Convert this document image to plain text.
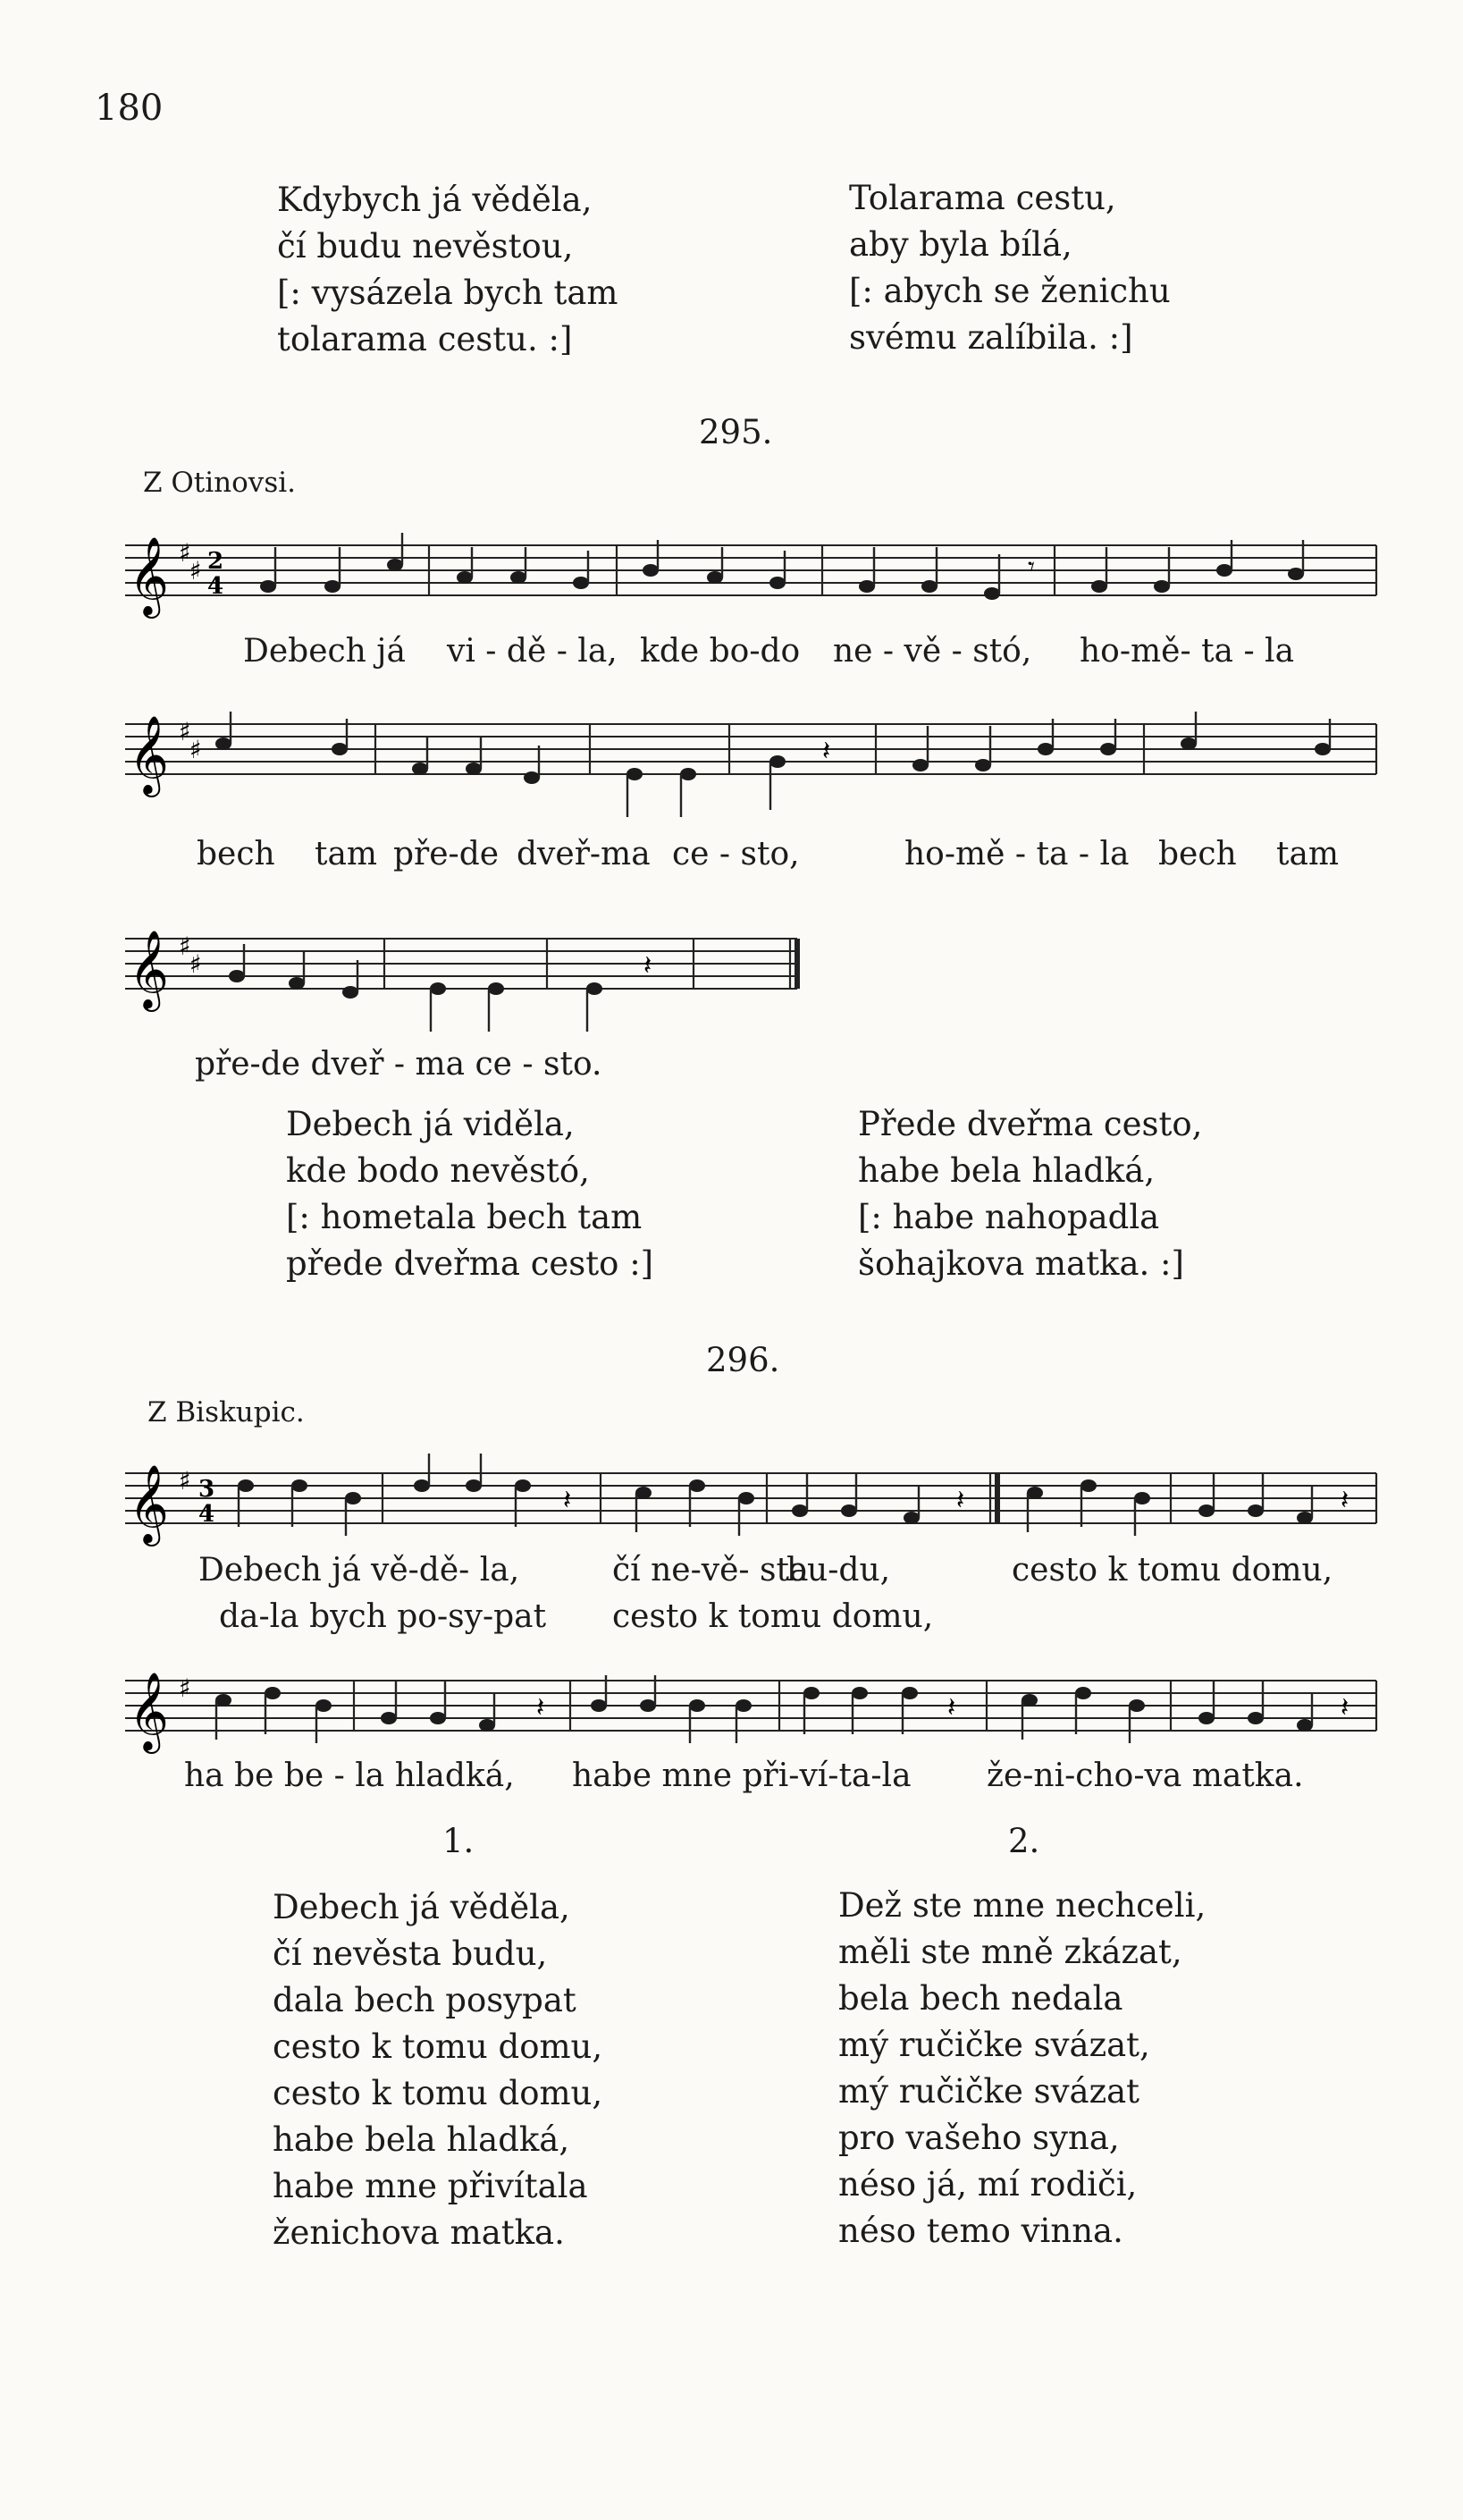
180
Kdybych já věděla,
čí budu nevěstou,
[: vysázela bych tam
tolarama cestu. :]
Tolarama cestu,
aby byla bílá,
[: abych se ženichu
svému zalíbila. :]
295.
Z Otinovsi.
𝄞 ♯
♯ 2
4
𝄾
Debech já vi - dě - la, kde bo-do ne - vě - stó, ho-mě- ta - la
𝄞 ♯
♯	𝄽
bech tam pře-de dveř-ma ce - sto,	ho-mě - ta - la bech tam
𝄞 ♯
♯	𝄽
pře-de dveř - ma ce - sto.
Debech já viděla,
kde bodo nevěstó,
[: hometala bech tam
přede dveřma cesto :]
Přede dveřma cesto,
habe bela hladká,
[: habe nahopadla
šohajkova matka. :]
296.
Z Biskupic.
𝄞 ♯ 3
4	𝄽	𝄽	𝄽
Debech já vě-dě- la,	čí ne-vě- sta
bu-du,	cesto k tomu domu,
da-la bych po-sy-pat cesto k tomu domu,
𝄞 ♯
𝄽	𝄽	𝄽
ha be be - la hladká, habe mne při-ví-ta-la že-ni-cho-va matka.
1.	2.
Debech já věděla,
čí nevěsta budu,
dala bech posypat
cesto k tomu domu,
cesto k tomu domu,
habe bela hladká,
habe mne přivítala
ženichova matka.
Dež ste mne nechceli,
měli ste mně zkázat,
bela bech nedala
mý ručičke svázat,
mý ručičke svázat
pro vašeho syna,
néso já, mí rodiči,
néso temo vinna.
